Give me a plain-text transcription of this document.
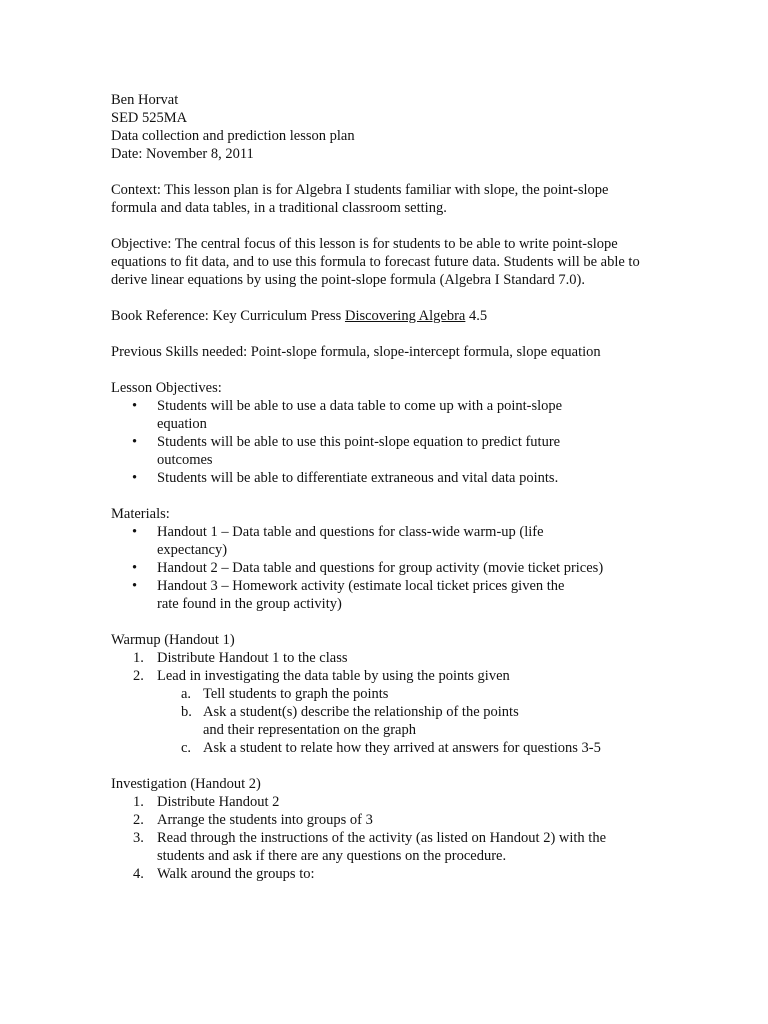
Ben Horvat
SED 525MA
Data collection and prediction lesson plan
Date: November 8, 2011

Context: This lesson plan is for Algebra I students familiar with slope, the point-slope formula and data tables, in a traditional classroom setting.

Objective: The central focus of this lesson is for students to be able to write point-slope equations to fit data, and to use this formula to forecast future data. Students will be able to derive linear equations by using the point-slope formula (Algebra I Standard 7.0).

Book Reference: Key Curriculum Press Discovering Algebra 4.5

Previous Skills needed: Point-slope formula, slope-intercept formula, slope equation

Lesson Objectives:
• Students will be able to use a data table to come up with a point-slope equation
• Students will be able to use this point-slope equation to predict future outcomes
• Students will be able to differentiate extraneous and vital data points.
Materials:
• Handout 1 – Data table and questions for class-wide warm-up (life expectancy)
• Handout 2 – Data table and questions for group activity (movie ticket prices)
• Handout 3 – Homework activity (estimate local ticket prices given the rate found in the group activity)
Warmup (Handout 1)
1. Distribute Handout 1 to the class
2. Lead in investigating the data table by using the points given
a. Tell students to graph the points
b. Ask a student(s) describe the relationship of the points and their representation on the graph
c. Ask a student to relate how they arrived at answers for questions 3-5
Investigation (Handout 2)
1. Distribute Handout 2
2. Arrange the students into groups of 3
3. Read through the instructions of the activity (as listed on Handout 2) with the students and ask if there are any questions on the procedure.
4. Walk around the groups to:
